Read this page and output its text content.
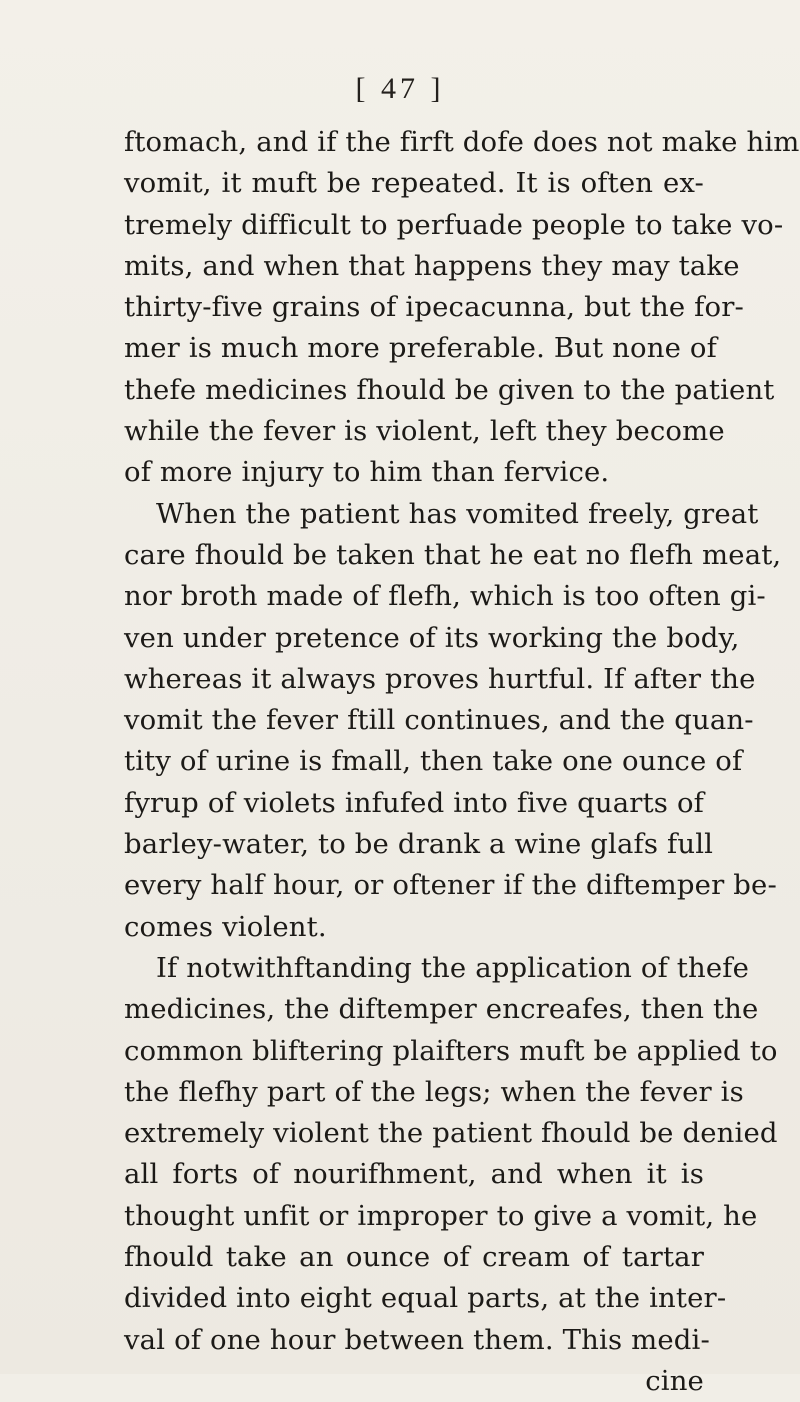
[ 47 ]
ftomach, and if the firft dofe does not make him
vomit, it muft be repeated. It is often ex-
tremely difficult to perfuade people to take vo-
mits, and when that happens they may take
thirty-five grains of ipecacunna, but the for-
mer is much more preferable. But none of
thefe medicines fhould be given to the patient
while the fever is violent, left they become
of more injury to him than fervice.
When the patient has vomited freely, great
care fhould be taken that he eat no flefh meat,
nor broth made of flefh, which is too often gi-
ven under pretence of its working the body,
whereas it always proves hurtful. If after the
vomit the fever ftill continues, and the quan-
tity of urine is fmall, then take one ounce of
fyrup of violets infufed into five quarts of
barley-water, to be drank a wine glafs full
every half hour, or oftener if the diftemper be-
comes violent.
If notwithftanding the application of thefe
medicines, the diftemper encreafes, then the
common bliftering plaifters muft be applied to
the flefhy part of the legs; when the fever is
extremely violent the patient fhould be denied
all forts of nourifhment, and when it is
thought unfit or improper to give a vomit, he
fhould take an ounce of cream of tartar
divided into eight equal parts, at the inter-
val of one hour between them. This medi-
cine
